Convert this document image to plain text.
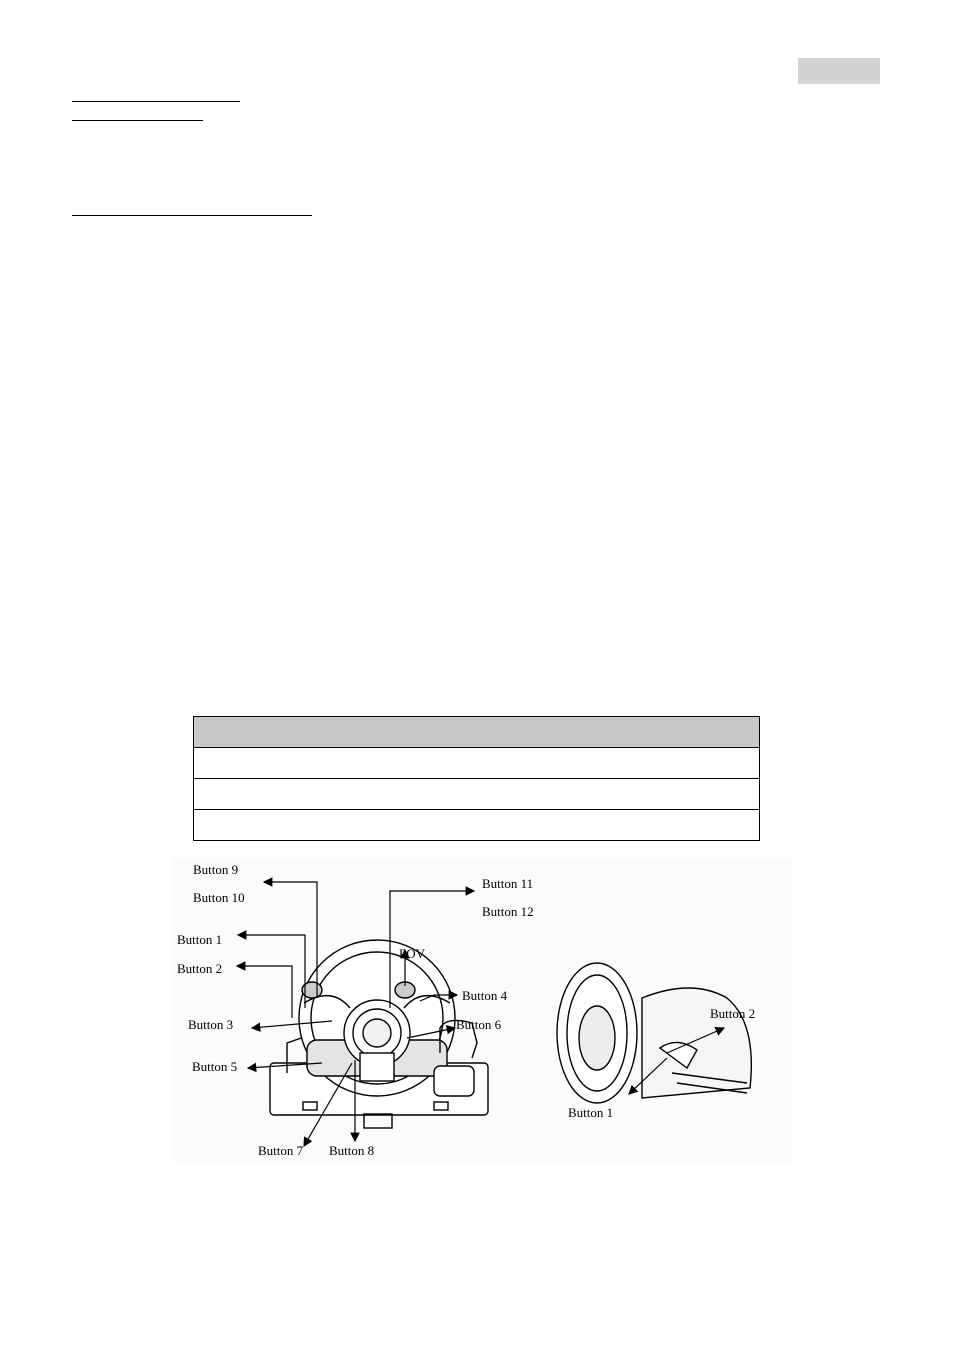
Button 9
Button 10
Button 11
Button 12
Button 1
Button 2
POV
Button 4
Button 3	Button 6
Button 5
Button 7 Button 8
Button 2
Button 1
